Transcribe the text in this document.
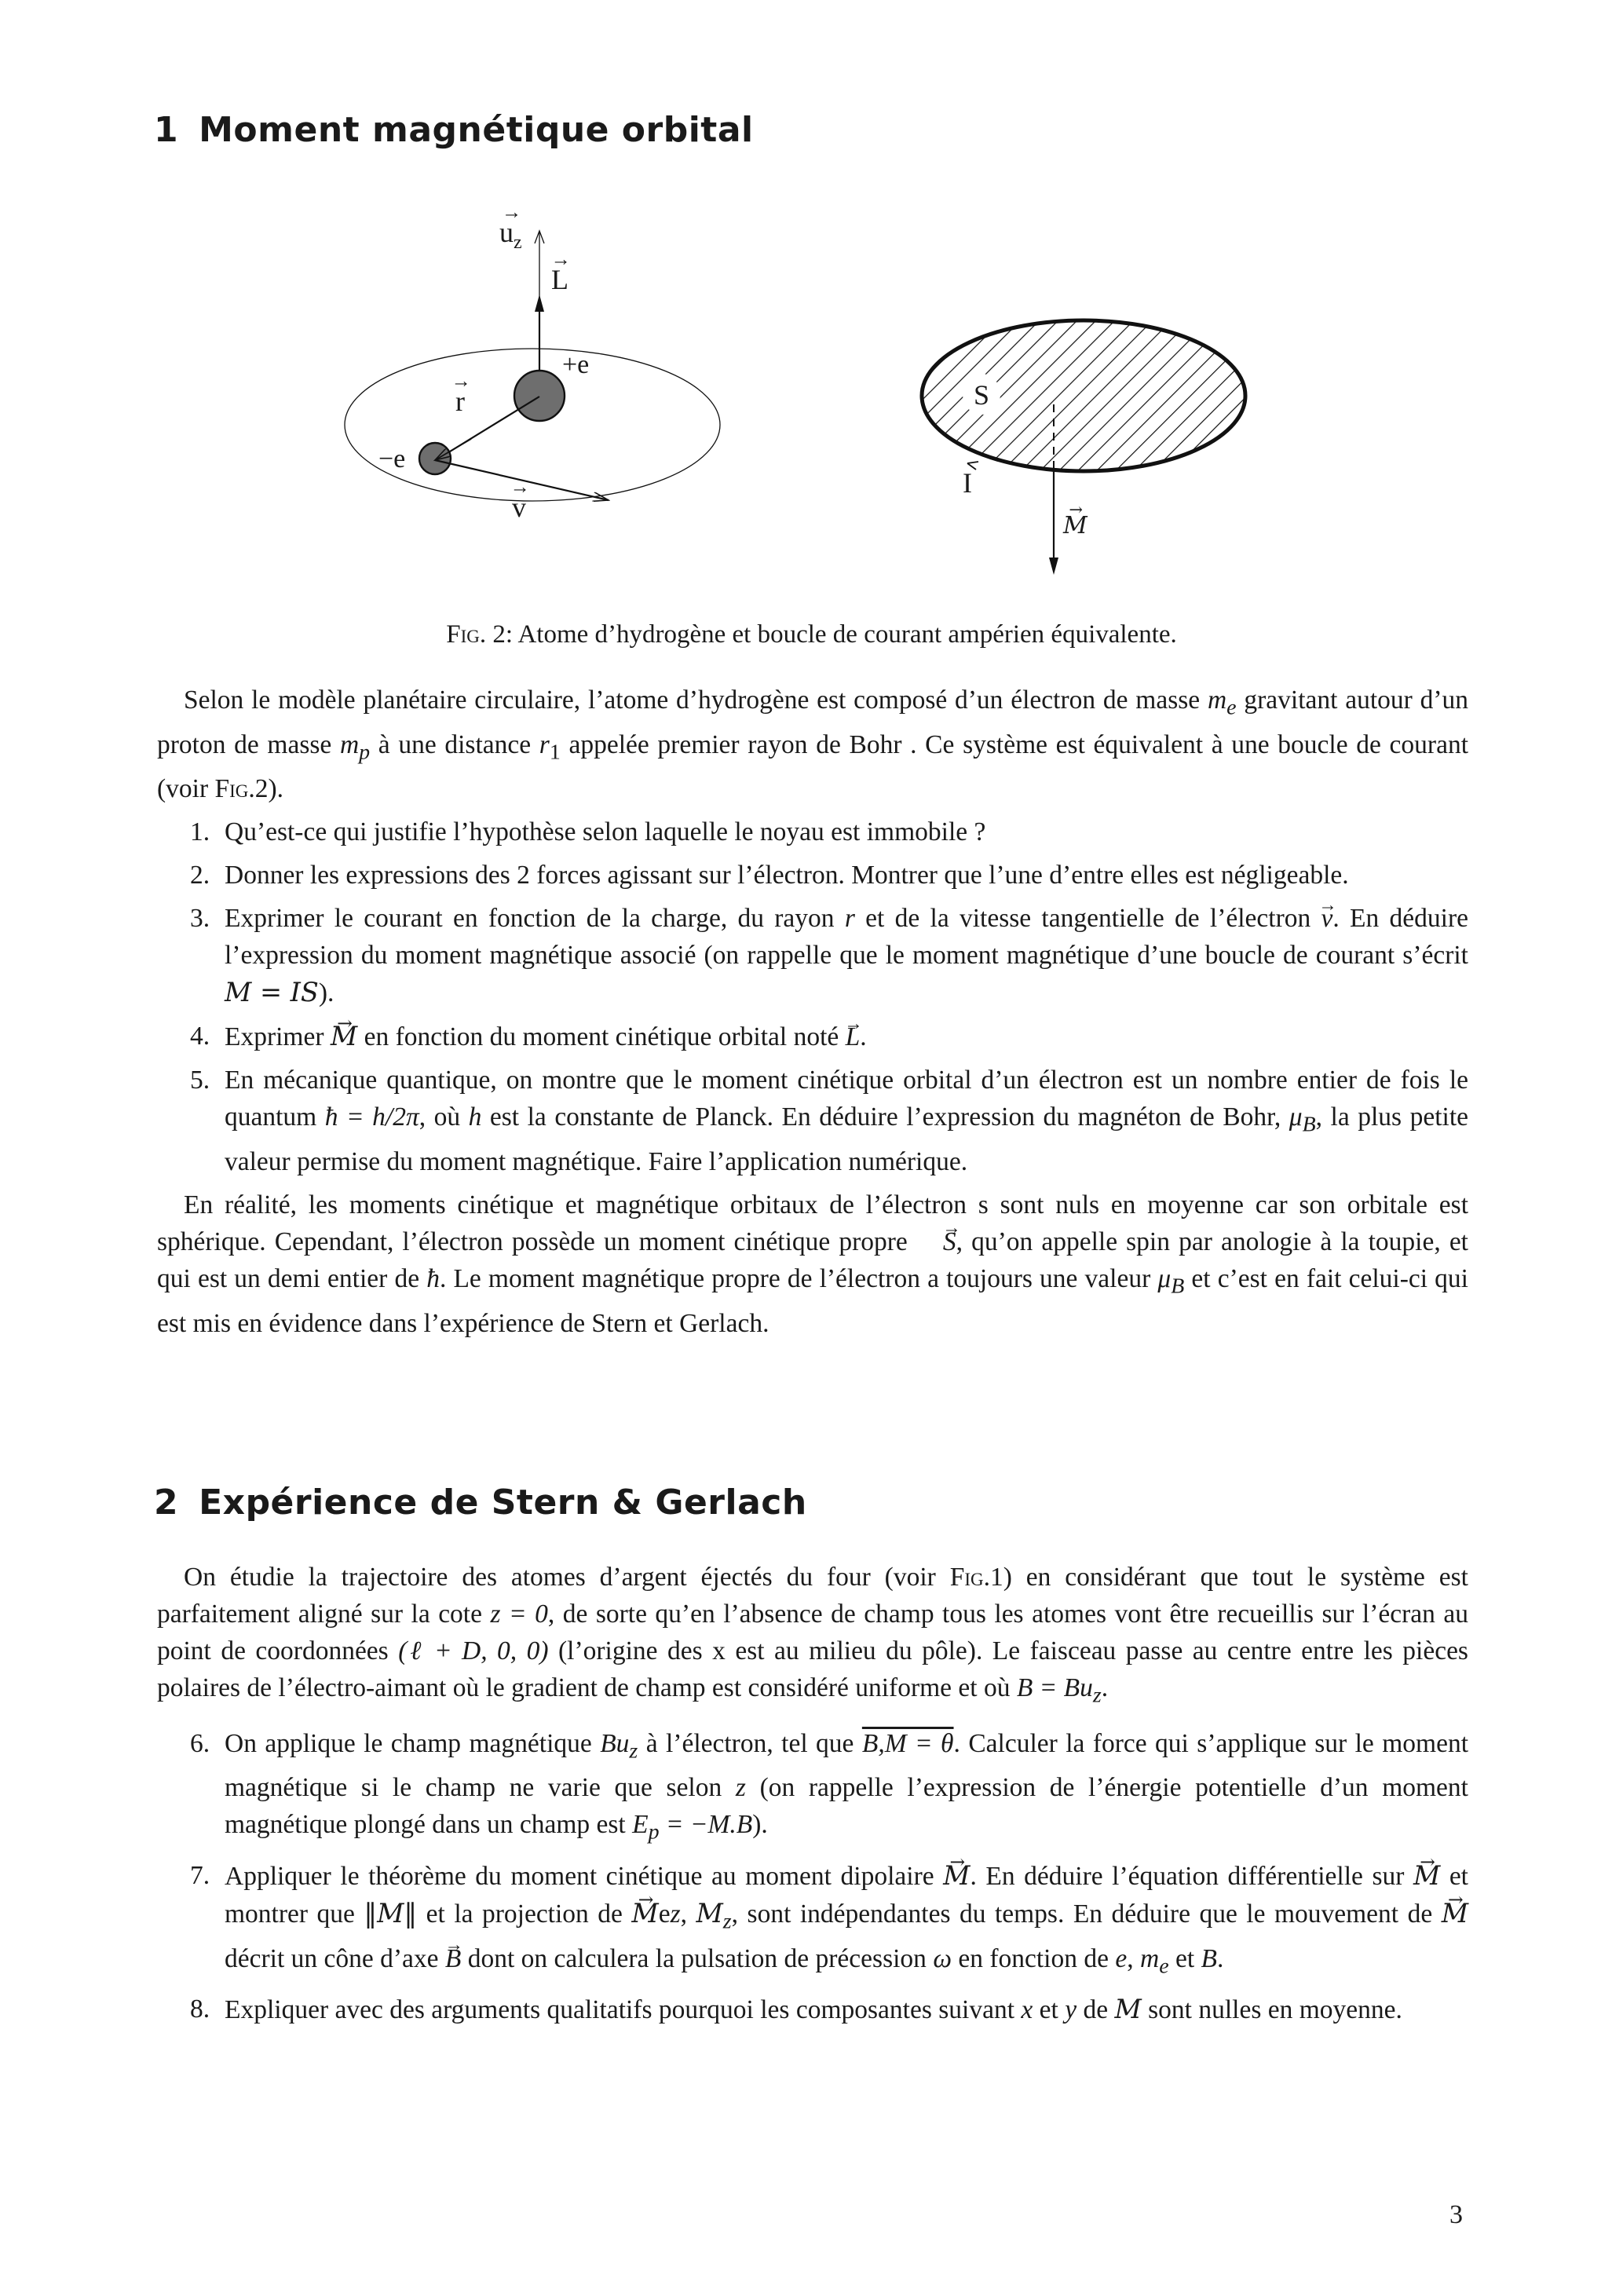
1 Moment magnétique orbital
→ $u_z$
→ L
+e
→ r
−e
→ v
S
I
→ M
Fig. 2: Atome d’hydrogène et boucle de courant ampérien équivalente.

Selon le modèle planétaire circulaire, l’atome d’hydrogène est composé d’un électron de masse $m_e$ gravitant autour d’un proton de masse $m_p$ à une distance $r_1$ appelée premier rayon de Bohr . Ce système est équivalent à une boucle de courant (voir Fig.2).

1. Qu’est-ce qui justifie l’hypothèse selon laquelle le noyau est immobile ?
2. Donner les expressions des 2 forces agissant sur l’électron. Montrer que l’une d’entre elles est négligeable.
3. Exprimer le courant en fonction de la charge, du rayon r et de la vitesse tangentielle de l’électron → v. En déduire l’expression du moment magnétique associé (on rappelle que le moment magnétique d’une boucle de courant s’écrit M = IS).
4. Exprimer → M en fonction du moment cinétique orbital noté → L.
5. En mécanique quantique, on montre que le moment cinétique orbital d’un électron est un nombre entier de fois le quantum ħ = h/2π, où h est la constante de Planck. En déduire l’expression du magnéton de Bohr, $\mu_B$, la plus petite valeur permise du moment magnétique. Faire l’application numérique.

En réalité, les moments cinétique et magnétique orbitaux de l’électron s sont nuls en moyenne car son orbitale est sphérique. Cependant, l’électron possède un moment cinétique propre → S, qu’on appelle spin par anologie à la toupie, et qui est un demi entier de ħ. Le moment magnétique propre de l’électron a toujours une valeur $\mu_B$ et c’est en fait celui-ci qui est mis en évidence dans l’expérience de Stern et Gerlach.

2 Expérience de Stern & Gerlach

On étudie la trajectoire des atomes d’argent éjectés du four (voir Fig.1) en considérant que tout le système est parfaitement aligné sur la cote z = 0, de sorte qu’en l’absence de champ tous les atomes vont être recueillis sur l’écran au point de coordonnées (ℓ + D, 0, 0) (l’origine des x est au milieu du pôle). Le faisceau passe au centre entre les pièces polaires de l’électro-aimant où le gradient de champ est considéré uniforme et où $B = Bu_z$.

6. On applique le champ magnétique $Bu_z$ à l’électron, tel que B,M = θ. Calculer la force qui s’applique sur le moment magnétique si le champ ne varie que selon z (on rappelle l’expression de l’énergie potentielle d’un moment magnétique plongé dans un champ est $E_p = -M.B$).
7. Appliquer le théorème du moment cinétique au moment dipolaire → M. En déduire l’équation différentielle sur → M et montrer que ‖M‖ et la projection de → Mez, $M_z$, sont indépendantes du temps. En déduire que le mouvement de → M décrit un cône d’axe → B dont on calculera la pulsation de précession ω en fonction de e, $m_e$ et B.
8. Expliquer avec des arguments qualitatifs pourquoi les composantes suivant x et y de M sont nulles en moyenne.
3
